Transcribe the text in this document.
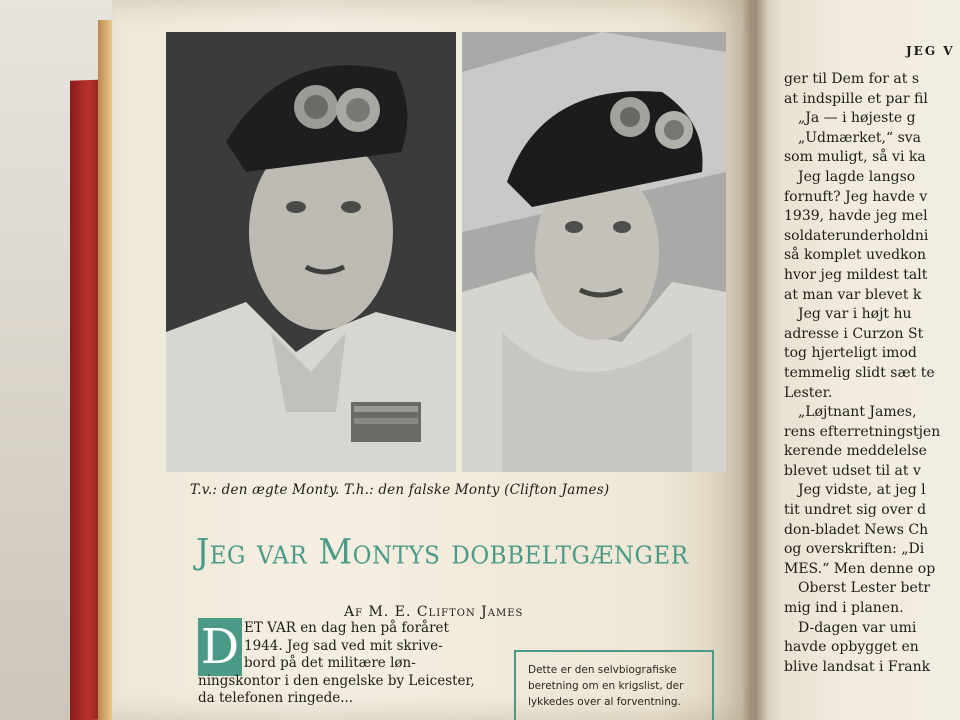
T.v.: den ægte Monty. T.h.: den falske Monty (Clifton James)
Jeg var Montys dobbeltgænger
Af M. E. Clifton James
D ET VAR en dag hen på foråret

1944. Jeg sad ved mit skrive-

bord på det militære løn-

ningskontor i den engelske by Leicester,

da telefonen ringede...

Dette er den selvbiografiske
beretning om en krigslist, der
lykkedes over al forventning.
JEG V

ger til Dem for at s

at indspille et par fil

„Ja — i højeste g

„Udmærket,“ sva

som muligt, så vi ka

Jeg lagde langso

fornuft? Jeg havde v

1939, havde jeg mel

soldaterunderholdni

så komplet uvedkon

hvor jeg mildest talt

at man var blevet k

Jeg var i højt hu

adresse i Curzon St

tog hjerteligt imod

temmelig slidt sæt te

Lester.

„Løjtnant James,

rens efterretningstjen

kerende meddelelse

blevet udset til at v

Jeg vidste, at jeg l

tit undret sig over d

don-bladet News Ch

og overskriften: „Di

MES.“ Men denne op

Oberst Lester betr

mig ind i planen.

D-dagen var umi

havde opbygget en

blive landsat i Frank
